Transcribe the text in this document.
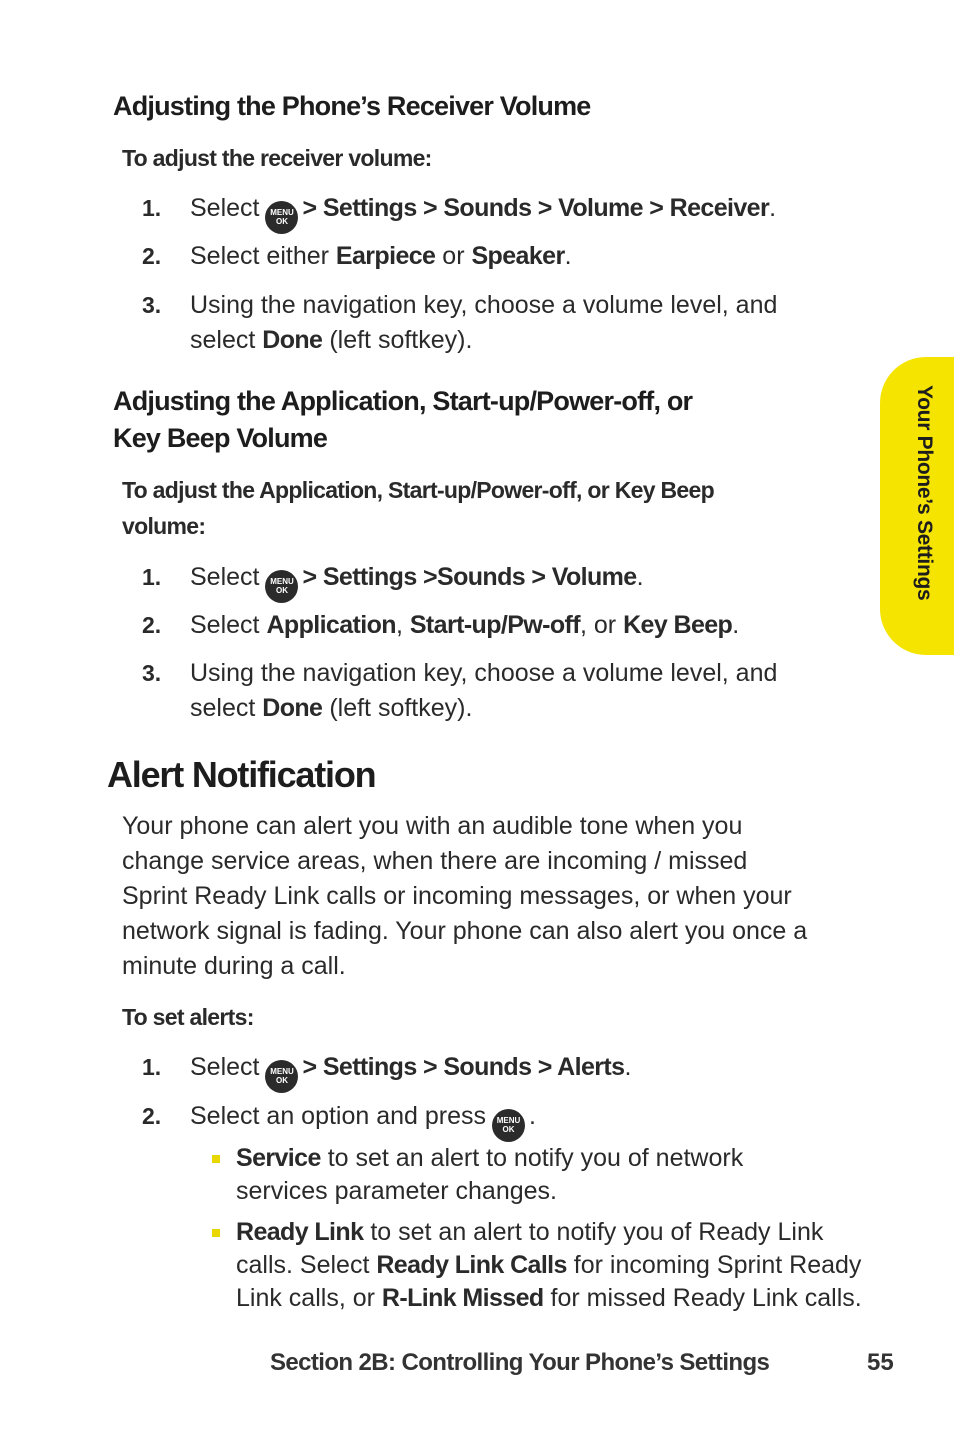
Adjusting the Phone’s Receiver Volume
To adjust the receiver volume:
1. Select MENU
OK > Settings > Sounds > Volume > Receiver.
2. Select either Earpiece or Speaker.
3. Using the navigation key, choose a volume level, and
select Done (left softkey).
Adjusting the Application, Start-up/Power-off, or
Key Beep Volume
To adjust the Application, Start-up/Power-off, or Key Beep
volume:
1. Select MENU
OK > Settings >Sounds > Volume.
2. Select Application, Start-up/Pw-off, or Key Beep.
3. Using the navigation key, choose a volume level, and
select Done (left softkey).
Alert Notification
Your phone can alert you with an audible tone when you
change service areas, when there are incoming / missed
Sprint Ready Link calls or incoming messages, or when your
network signal is fading. Your phone can also alert you once a
minute during a call.
To set alerts:
1. Select MENU
OK > Settings > Sounds > Alerts.
2. Select an option and press MENU
OK .
Service to set an alert to notify you of network
services parameter changes.
Ready Link to set an alert to notify you of Ready Link
calls. Select Ready Link Calls for incoming Sprint Ready
Link calls, or R-Link Missed for missed Ready Link calls.
Your Phone’s Settings
Section 2B: Controlling Your Phone’s Settings	55
